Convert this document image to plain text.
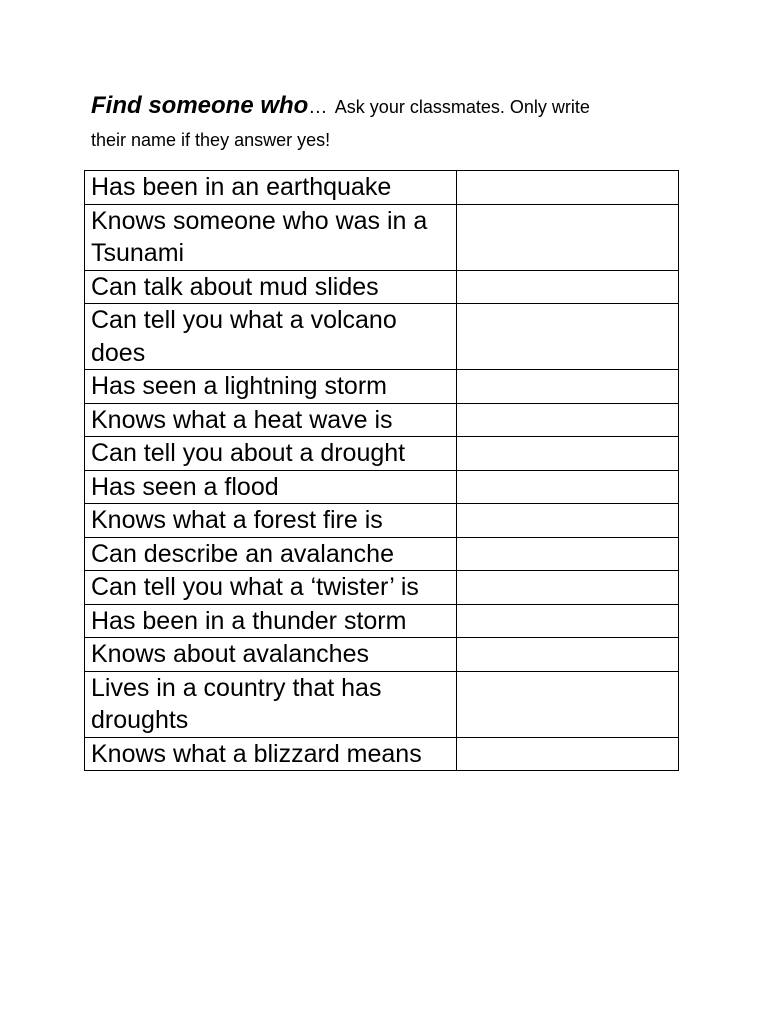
Find someone who… Ask your classmates. Only write
their name if they answer yes!
Has been in an earthquake	
Knows someone who was in a Tsunami	
Can talk about mud slides	
Can tell you what a volcano does	
Has seen a lightning storm	
Knows what a heat wave is	
Can tell you about a drought	
Has seen a flood	
Knows what a forest fire is	
Can describe an avalanche	
Can tell you what a ‘twister’ is	
Has been in a thunder storm	
Knows about avalanches	
Lives in a country that has droughts	
Knows what a blizzard means	
